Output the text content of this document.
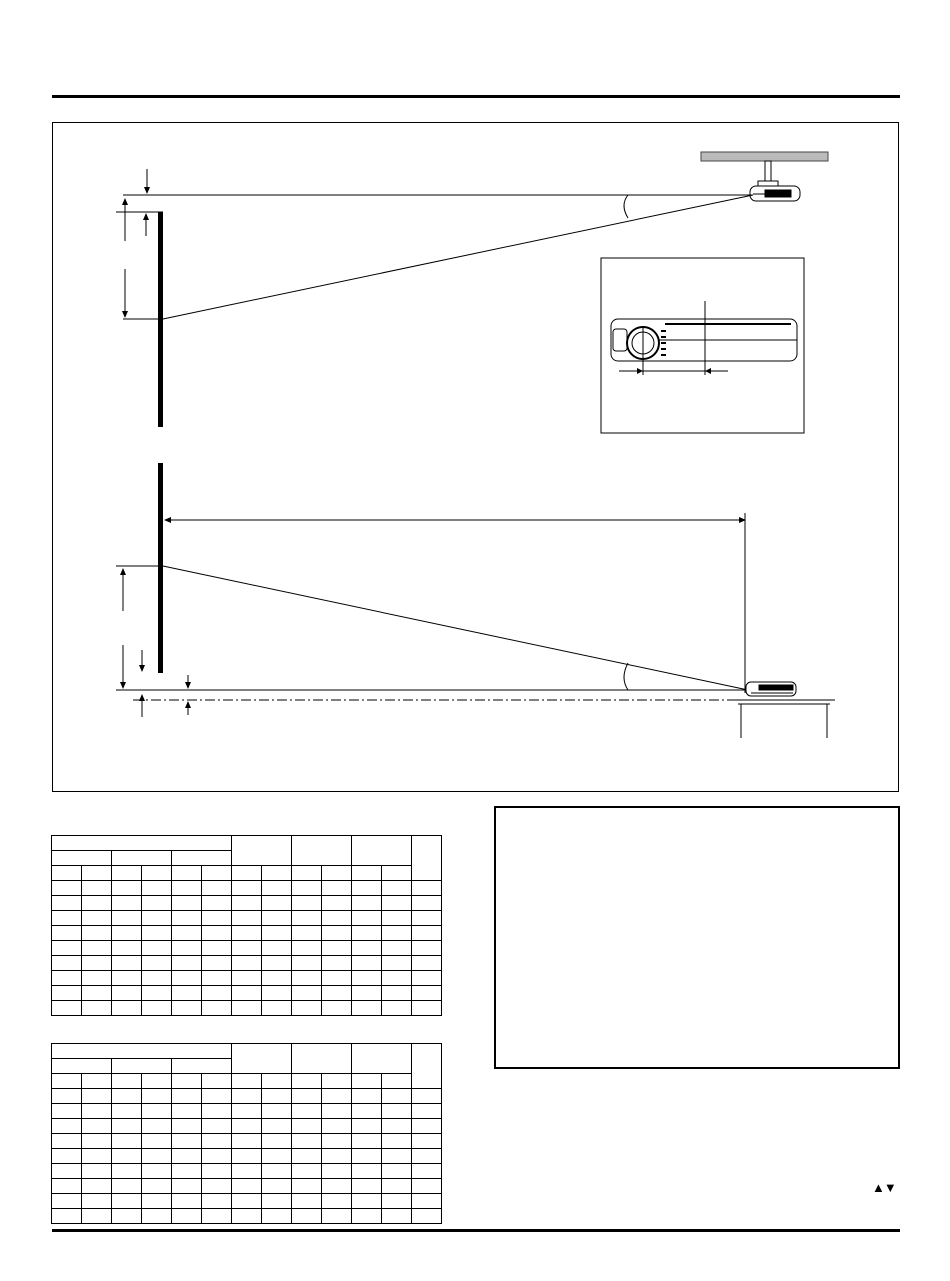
▲▼
